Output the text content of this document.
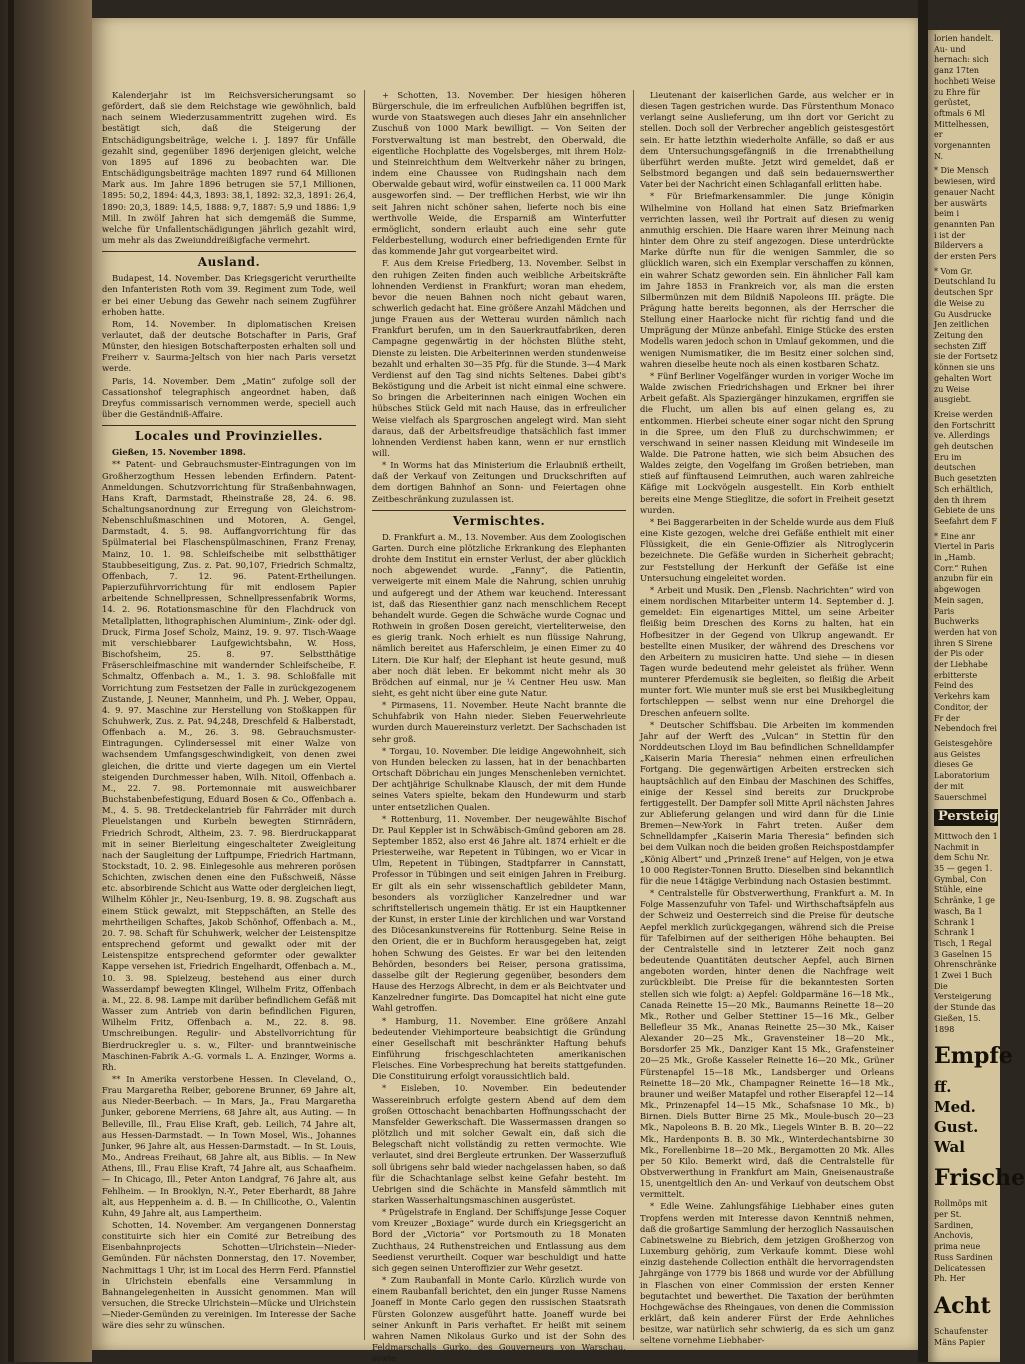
Kalenderjahr ist im Reichsversicherungsamt so gefördert, daß sie dem Reichstage wie gewöhnlich, bald nach seinem Wiederzusammentritt zugehen wird. Es bestätigt sich, daß die Steigerung der Entschädigungsbeiträge, welche i. J. 1897 für Unfälle gezahlt sind, gegenüber 1896 derjenigen gleicht, welche von 1895 auf 1896 zu beobachten war. Die Entschädigungsbeiträge machten 1897 rund 64 Millionen Mark aus. Im Jahre 1896 betrugen sie 57,1 Millionen, 1895: 50,2, 1894: 44,3, 1893: 38,1, 1892: 32,3, 1891: 26,4, 1890: 20,3, 1889: 14,5, 1888: 9,7, 1887: 5,9 und 1886: 1,9 Mill. In zwölf Jahren hat sich demgemäß die Summe, welche für Unfallentschädigungen jährlich gezahlt wird, um mehr als das Zweiunddreißigfache vermehrt.

Ausland.

Budapest, 14. November. Das Kriegsgericht verurtheilte den Infanteristen Roth vom 39. Regiment zum Tode, weil er bei einer Uebung das Gewehr nach seinem Zugführer erhoben hatte.

Rom, 14. November. In diplomatischen Kreisen verlautet, daß der deutsche Botschafter in Paris, Graf Münster, den hiesigen Botschafterposten erhalten soll und Freiherr v. Saurma-Jeltsch von hier nach Paris versetzt werde.

Paris, 14. November. Dem „Matin“ zufolge soll der Cassationshof telegraphisch angeordnet haben, daß Dreyfus commissarisch vernommen werde, speciell auch über die Geständniß-Affaire.

Locales und Provinzielles.

Gießen, 15. November 1898.

** Patent- und Gebrauchsmuster-Eintragungen von im Großherzogthum Hessen lebenden Erfindern. Patent-Anmeldungen. Schutzvorrichtung für Straßenbahnwagen, Hans Kraft, Darmstadt, Rheinstraße 28, 24. 6. 98. Schaltungsanordnung zur Erregung von Gleichstrom-Nebenschlußmaschinen und Motoren, A. Gengel, Darmstadt, 4. 5. 98. Auffangvorrichtung für das Spülmaterial bei Flaschenspülmaschinen, Franz Frenay, Mainz, 10. 1. 98. Schleifscheibe mit selbstthätiger Staubbeseitigung, Zus. z. Pat. 90,107, Friedrich Schmaltz, Offenbach, 7. 12. 96. Patent-Ertheilungen. Papierzuführvorrichtung für mit endlosem Papier arbeitende Schnellpressen, Schnellpressenfabrik Worms, 14. 2. 96. Rotationsmaschine für den Flachdruck von Metallplatten, lithographischen Aluminium-, Zink- oder dgl. Druck, Firma Josef Scholz, Mainz, 19. 9. 97. Tisch-Waage mit verschiebbarer Laufgewichtsbahn, W. Hoss, Bischofsheim, 25. 8. 97. Selbstthätige Fräserschleifmaschine mit wandernder Schleifscheibe, F. Schmaltz, Offenbach a. M., 1. 3. 98. Schloßfalle mit Vorrichtung zum Festsetzen der Falle in zurückgezogenem Zustande, J. Neuner, Mannheim, und Ph. J. Weber, Oppau, 4. 9. 97. Maschine zur Herstellung von Stoßkappen für Schuhwerk, Zus. z. Pat. 94,248, Dreschfeld & Halberstadt, Offenbach a. M., 26. 3. 98. Gebrauchsmuster-Eintragungen. Cylindersessel mit einer Walze von wachsendem Umfangsgeschwindigkeit, von denen zwei gleichen, die dritte und vierte dagegen um ein Viertel steigenden Durchmesser haben, Wilh. Nitoil, Offenbach a. M., 22. 7. 98. Portemonnaie mit ausweichbarer Buchstabenbefestigung, Eduard Bosen & Co., Offenbach a. M., 4. 5. 98. Tretdeckelantrieb für Fahrräder mit durch Pleuelstangen und Kurbeln bewegten Stirnrädern, Friedrich Schrodt, Altheim, 23. 7. 98. Bierdruckapparat mit in seiner Bierleitung eingeschalteter Zweigleitung nach der Saugleitung der Luftpumpe, Friedrich Hartmann, Stockstadt, 10. 2. 98. Einlegesohle aus mehreren porösen Schichten, zwischen denen eine den Fußschweiß, Nässe etc. absorbirende Schicht aus Watte oder dergleichen liegt, Wilhelm Köhler jr., Neu-Isenburg, 19. 8. 98. Zugschaft aus einem Stück gewalzt, mit Steppschäften, an Stelle des mehrtheiligen Schaftes, Jakob Schönhof, Offenbach a. M., 20. 7. 98. Schaft für Schuhwerk, welcher der Leistenspitze entsprechend geformt und gewalkt oder mit der Leistenspitze entsprechend geformter oder gewalkter Kappe versehen ist, Friedrich Engelhardt, Offenbach a. M., 10. 3. 98. Spielzeug, bestehend aus einer durch Wasserdampf bewegten Klingel, Wilhelm Fritz, Offenbach a. M., 22. 8. 98. Lampe mit darüber befindlichem Gefäß mit Wasser zum Antrieb von darin befindlichen Figuren, Wilhelm Fritz, Offenbach a. M., 22. 8. 98. Umschreibungen. Regulir- und Abstellvorrichtung für Bierdruckregler u. s. w., Filter- und branntweinische Maschinen-Fabrik A.-G. vormals L. A. Enzinger, Worms a. Rh.

** In Amerika verstorbene Hessen. In Cleveland, O., Frau Margaretha Reiber, geborene Brunner, 69 Jahre alt, aus Nieder-Beerbach. — In Mars, Ja., Frau Margaretha Junker, geborene Merriens, 68 Jahre alt, aus Auting. — In Belleville, Ill., Frau Elise Kraft, geb. Leilich, 74 Jahre alt, aus Hessen-Darmstadt. — In Town Mosel, Wis., Johannes Junker, 96 Jahre alt, aus Hessen-Darmstadt. — In St. Louis, Mo., Andreas Freihaut, 68 Jahre alt, aus Biblis. — In New Athens, Ill., Frau Elise Kraft, 74 Jahre alt, aus Schaafheim. — In Chicago, Ill., Peter Anton Landgraf, 76 Jahre alt, aus Fehlheim. — In Brooklyn, N.-Y., Peter Eberhardt, 88 Jahre alt, aus Heppenheim a. d. B. — In Chillicothe, O., Valentin Kuhn, 49 Jahre alt, aus Lampertheim.

Schotten, 14. November. Am vergangenen Donnerstag constituirte sich hier ein Comité zur Betreibung des Eisenbahnprojects Schotten—Ulrichstein—Nieder-Gemünden. Für nächsten Donnerstag, den 17. November, Nachmittags 1 Uhr, ist im Local des Herrn Ferd. Pfannstiel in Ulrichstein ebenfalls eine Versammlung in Bahnangelegenheiten in Aussicht genommen. Man will versuchen, die Strecke Ulrichstein—Mücke und Ulrichstein—Nieder-Gemünden zu vereinigen. Im Interesse der Sache wäre dies sehr zu wünschen.

+ Schotten, 13. November. Der hiesigen höheren Bürgerschule, die im erfreulichen Aufblühen begriffen ist, wurde von Staatswegen auch dieses Jahr ein ansehnlicher Zuschuß von 1000 Mark bewilligt. — Von Seiten der Forstverwaltung ist man bestrebt, den Oberwald, die eigentliche Hochplatte des Vogelsberges, mit ihrem Holz- und Steinreichthum dem Weltverkehr näher zu bringen, indem eine Chaussee von Rudingshain nach dem Oberwalde gebaut wird, wofür einstweilen ca. 11 000 Mark ausgeworfen sind. — Der trefflichen Herbst, wie wir ihn seit Jahren nicht schöner sahen, lieferte noch bis eine werthvolle Weide, die Ersparniß am Winterfutter ermöglicht, sondern erlaubt auch eine sehr gute Felderbestellung, wodurch einer befriedigenden Ernte für das kommende Jahr gut vorgearbeitet wird.

F. Aus dem Kreise Friedberg, 13. November. Selbst in den ruhigen Zeiten finden auch weibliche Arbeitskräfte lohnenden Verdienst in Frankfurt; woran man ehedem, bevor die neuen Bahnen noch nicht gebaut waren, schwerlich gedacht hat. Eine größere Anzahl Mädchen und junge Frauen aus der Wetterau wurden nämlich nach Frankfurt berufen, um in den Sauerkrautfabriken, deren Campagne gegenwärtig in der höchsten Blüthe steht, Dienste zu leisten. Die Arbeiterinnen werden stundenweise bezahlt und erhalten 30—35 Pfg. für die Stunde. 3—4 Mark Verdienst auf den Tag sind nichts Seltenes. Dabei gibt's Beköstigung und die Arbeit ist nicht einmal eine schwere. So bringen die Arbeiterinnen nach einigen Wochen ein hübsches Stück Geld mit nach Hause, das in erfreulicher Weise vielfach als Spargroschen angelegt wird. Man sieht daraus, daß der Arbeitsfreudige thatsächlich fast immer lohnenden Verdienst haben kann, wenn er nur ernstlich will.

* In Worms hat das Ministerium die Erlaubniß ertheilt, daß der Verkauf von Zeitungen und Druckschriften auf dem dortigen Bahnhof an Sonn- und Feiertagen ohne Zeitbeschränkung zuzulassen ist.

Vermischtes.

D. Frankfurt a. M., 13. November. Aus dem Zoologischen Garten. Durch eine plötzliche Erkrankung des Elephanten drohte dem Institut ein ernster Verlust, der aber glücklich noch abgewendet wurde. „Fanny“, die Patientin, verweigerte mit einem Male die Nahrung, schien unruhig und aufgeregt und der Athem war keuchend. Interessant ist, daß das Riesenthier ganz nach menschlichem Recept behandelt wurde. Gegen die Schwäche wurde Cognac und Rothwein in großen Dosen gereicht, vierteliterweise, den es gierig trank. Noch erhielt es nun flüssige Nahrung, nämlich bereitet aus Haferschleim, je einen Eimer zu 40 Litern. Die Kur half; der Elephant ist heute gesund, muß aber noch diät leben. Er bekommt nicht mehr als 30 Brödchen auf einmal, nur je ¼ Centner Heu usw. Man sieht, es geht nicht über eine gute Natur.

* Pirmasens, 11. November. Heute Nacht brannte die Schuhfabrik von Hahn nieder. Sieben Feuerwehrleute wurden durch Mauereinsturz verletzt. Der Sachschaden ist sehr groß.

* Torgau, 10. November. Die leidige Angewohnheit, sich von Hunden belecken zu lassen, hat in der benachbarten Ortschaft Döbrichau ein junges Menschenleben vernichtet. Der achtjährige Schulknabe Klausch, der mit dem Hunde seines Vaters spielte, bekam den Hundewurm und starb unter entsetzlichen Qualen.

* Rottenburg, 11. November. Der neugewählte Bischof Dr. Paul Keppler ist in Schwäbisch-Gmünd geboren am 28. September 1852, also erst 46 Jahre alt. 1874 erhielt er die Priesterweihe, war Repetent in Tübingen, wo er Vicar in Ulm, Repetent in Tübingen, Stadtpfarrer in Cannstatt, Professor in Tübingen und seit einigen Jahren in Freiburg. Er gilt als ein sehr wissenschaftlich gebildeter Mann, besonders als vorzüglicher Kanzelredner und war schriftstellerisch ungemein thätig. Er ist ein Hauptkenner der Kunst, in erster Linie der kirchlichen und war Vorstand des Diöcesankunstvereins für Rottenburg. Seine Reise in den Orient, die er in Buchform herausgegeben hat, zeigt hohen Schwung des Geistes. Er war bei den leitenden Behörden, besonders bei Reiser, persona gratissima, dasselbe gilt der Regierung gegenüber, besonders dem Hause des Herzogs Albrecht, in dem er als Beichtvater und Kanzelredner fungirte. Das Domcapitel hat nicht eine gute Wahl getroffen.

* Hamburg, 11. November. Eine größere Anzahl bedeutender Viehimporteure beabsichtigt die Gründung einer Gesellschaft mit beschränkter Haftung behufs Einführung frischgeschlachteten amerikanischen Fleisches. Eine Vorbesprechung hat bereits stattgefunden. Die Constituirung erfolgt voraussichtlich bald.

* Eisleben, 10. November. Ein bedeutender Wassereinbruch erfolgte gestern Abend auf dem dem großen Ottoschacht benachbarten Hoffnungsschacht der Mansfelder Gewerkschaft. Die Wassermassen drangen so plötzlich und mit solcher Gewalt ein, daß sich die Belegschaft nicht vollständig zu retten vermochte. Wie verlautet, sind drei Bergleute ertrunken. Der Wasserzufluß soll übrigens sehr bald wieder nachgelassen haben, so daß für die Schachtanlage selbst keine Gefahr besteht. Im Uebrigen sind die Schächte in Mansfeld sämmtlich mit starken Wasserhaltungsmaschinen ausgerüstet.

* Prügelstrafe in England. Der Schiffsjunge Jesse Coquer vom Kreuzer „Boxiage“ wurde durch ein Kriegsgericht an Bord der „Victoria“ vor Portsmouth zu 18 Monaten Zuchthaus, 24 Ruthenstreichen und Entlassung aus dem Seedienst verurtheilt. Coquer war beschuldigt und hatte sich gegen seinen Unteroffizier zur Wehr gesetzt.

* Zum Raubanfall in Monte Carlo. Kürzlich wurde von einem Raubanfall berichtet, den ein junger Russe Namens Joaneff in Monte Carlo gegen den russischen Staatsrath Fürsten Golonzew ausgeführt hatte. Joaneff wurde bei seiner Ankunft in Paris verhaftet. Er heißt mit seinem wahren Namen Nikolaus Gurko und ist der Sohn des Feldmarschalls Gurko, des Gouverneurs von Warschau, sowie

Lieutenant der kaiserlichen Garde, aus welcher er in diesen Tagen gestrichen wurde. Das Fürstenthum Monaco verlangt seine Auslieferung, um ihn dort vor Gericht zu stellen. Doch soll der Verbrecher angeblich geistesgestört sein. Er hatte letzthin wiederholte Anfälle, so daß er aus dem Untersuchungsgefängniß in die Irrenabtheilung überführt werden mußte. Jetzt wird gemeldet, daß er Selbstmord begangen und daß sein bedauernswerther Vater bei der Nachricht einen Schlaganfall erlitten habe.

* Für Briefmarkensammler. Die junge Königin Wilhelmine von Holland hat einen Satz Briefmarken verrichten lassen, weil ihr Portrait auf diesen zu wenig anmuthig erschien. Die Haare waren ihrer Meinung nach hinter dem Ohre zu steif angezogen. Diese unterdrückte Marke dürfte nun für die wenigen Sammler, die so glücklich waren, sich ein Exemplar verschaffen zu können, ein wahrer Schatz geworden sein. Ein ähnlicher Fall kam im Jahre 1853 in Frankreich vor, als man die ersten Silbermünzen mit dem Bildniß Napoleons III. prägte. Die Prägung hatte bereits begonnen, als der Herrscher die Stellung einer Haarlocke nicht für richtig fand und die Umprägung der Münze anbefahl. Einige Stücke des ersten Modells waren jedoch schon in Umlauf gekommen, und die wenigen Numismatiker, die im Besitz einer solchen sind, wahren dieselbe heute noch als einen kostbaren Schatz.

* Fünf Berliner Vogelfänger wurden in voriger Woche im Walde zwischen Friedrichshagen und Erkner bei ihrer Arbeit gefaßt. Als Spaziergänger hinzukamen, ergriffen sie die Flucht, um allen bis auf einen gelang es, zu entkommen. Hierbei scheute einer sogar nicht den Sprung in die Spree, um den Fluß zu durchschwimmen; er verschwand in seiner nassen Kleidung mit Windeseile im Walde. Die Patrone hatten, wie sich beim Absuchen des Waldes zeigte, den Vogelfang im Großen betrieben, man stieß auf fünftausend Leimruthen, auch waren zahlreiche Käfige mit Lockvögeln ausgestellt. Ein Korb enthielt bereits eine Menge Stieglitze, die sofort in Freiheit gesetzt wurden.

* Bei Baggerarbeiten in der Schelde wurde aus dem Fluß eine Kiste gezogen, welche drei Gefäße enthielt mit einer Flüssigkeit, die ein Genie-Offizier als Nitroglycerin bezeichnete. Die Gefäße wurden in Sicherheit gebracht; zur Feststellung der Herkunft der Gefäße ist eine Untersuchung eingeleitet worden.

* Arbeit und Musik. Den „Flensb. Nachrichten“ wird von einem nordischen Mitarbeiter unterm 14. September d. J. gemeldet: Ein eigenartiges Mittel, um seine Arbeiter fleißig beim Dreschen des Korns zu halten, hat ein Hofbesitzer in der Gegend von Ulkrup angewandt. Er bestellte einen Musiker, der während des Dreschens vor den Arbeitern zu musiciren hatte. Und siehe — in diesen Tagen wurde bedeutend mehr geleistet als früher. Wenn munterer Pferdemusik sie begleiten, so fleißig die Arbeit munter fort. Wie munter muß sie erst bei Musikbegleitung fortschleppen — selbst wenn nur eine Drehorgel die Dreschen anfeuern sollte.

* Deutscher Schiffsbau. Die Arbeiten im kommenden Jahr auf der Werft des „Vulcan“ in Stettin für den Norddeutschen Lloyd im Bau befindlichen Schnelldampfer „Kaiserin Maria Theresia“ nehmen einen erfreulichen Fortgang. Die gegenwärtigen Arbeiten erstrecken sich hauptsächlich auf den Einbau der Maschinen des Schiffes, einige der Kessel sind bereits zur Druckprobe fertiggestellt. Der Dampfer soll Mitte April nächsten Jahres zur Ablieferung gelangen und wird dann für die Linie Bremen—New-York in Fahrt treten. Außer dem Schnelldampfer „Kaiserin Maria Theresia“ befinden sich bei dem Vulkan noch die beiden großen Reichspostdampfer „König Albert“ und „Prinzeß Irene“ auf Helgen, von je etwa 10 000 Register-Tonnen Brutto. Dieselben sind bekanntlich für die neue 14tägige Verbindung nach Ostasien bestimmt.

* Centralstelle für Obstverwerthung, Frankfurt a. M. In Folge Massenzufuhr von Tafel- und Wirthschaftsäpfeln aus der Schweiz und Oesterreich sind die Preise für deutsche Aepfel merklich zurückgegangen, während sich die Preise für Tafelbirnen auf der seitherigen Höhe behaupten. Bei der Centralstelle sind in letzterer Zeit noch ganz bedeutende Quantitäten deutscher Aepfel, auch Birnen angeboten worden, hinter denen die Nachfrage weit zurückbleibt. Die Preise für die bekanntesten Sorten stellen sich wie folgt: a) Aepfel: Goldparmäne 16—18 Mk., Canada Reinette 15—20 Mk., Baumanns Reinette 18—20 Mk., Rother und Gelber Stettiner 15—16 Mk., Gelber Bellefleur 35 Mk., Ananas Reinette 25—30 Mk., Kaiser Alexander 20—25 Mk., Gravensteiner 18—20 Mk., Borsdorfer 25 Mk., Danziger Kant 15 Mk., Grafensteiner 20—25 Mk., Große Kasseler Reinette 16—20 Mk., Grüner Fürstenapfel 15—18 Mk., Landsberger und Orleans Reinette 18—20 Mk., Champagner Reinette 16—18 Mk., brauner und weißer Matapfel und rother Eiserapfel 12—14 Mk., Prinzenapfel 14—15 Mk., Schafsnase 10 Mk., b) Birnen. Diels Butter Birne 25 Mk., Moule-busch 20—23 Mk., Napoleons B. B. 20 Mk., Liegels Winter B. B. 20—22 Mk., Hardenponts B. B. 30 Mk., Winterdechantsbirne 30 Mk., Forellenbirne 18—20 Mk., Bergamotten 20 Mk. Alles per 50 Kilo. Bemerkt wird, daß die Centralstelle für Obstverwerthung in Frankfurt am Main, Gneisenaustraße 15, unentgeltlich den An- und Verkauf von deutschem Obst vermittelt.

* Edle Weine. Zahlungsfähige Liebhaber eines guten Tropfens werden mit Interesse davon Kenntniß nehmen, daß die großartige Sammlung der herzoglich Nassauischen Cabinetsweine zu Biebrich, dem jetzigen Großherzog von Luxemburg gehörig, zum Verkaufe kommt. Diese wohl einzig dastehende Collection enthält die hervorragendsten Jahrgänge von 1779 bis 1868 und wurde vor der Abfüllung in Flaschen von einer Commission der ersten Kenner begutachtet und bewerthet. Die Taxation der berühmten Hochgewächse des Rheingaues, von denen die Commission erklärt, daß kein anderer Fürst der Erde Aehnliches besitze, war natürlich sehr schwierig, da es sich um ganz seltene vornehme Liebhaber-

lorien handelt. Au- und hernach: sich ganz 17ten hochbeti Weise zu Ehre für gerüstet, oftmals 6 Ml Mittelhessen, er vorgenannten N.

* Die Mensch bewiesen, wird genauer Nacht ber auswärts beim i genannten Pan i ist der Bildervers a der ersten Pers

* Vom Gr. Deutschland Iu deutschen Spr die Weise zu Gu Ausdrucke Jen zeitlichen Zeitung den sechsten Ziff sie der Fortsetz können sie uns gehalten Wort zu Weise ausgiebt.

Kreise werden den Fortschritt ve. Allerdings geh deutschen Eru im deutschen Buch gesetzten Sch erhältlich, den th ihrem Gebiete de uns Seefahrt dem F

* Eine anr Viertel in Paris in „Hamb. Corr.“ Ruhen anzubn für ein abgewogen Mein sagen, Paris Buchwerks werden hat von ihren S Sirene der Pis oder der Liebhabe erbitterste Feind des Verkehrs kam Conditor, der Fr der Nebendoch frei

Geistesgehöre aus Geistes dieses Ge Laboratorium der mit Sauerschmel

Persteig

Mittwoch den 1 Nachmit in dem Schu Nr. 35 — gegen 1. Gymbal, Con Stühle, eine Schränke, 1 ge wasch, Ba 1 Schrank 1 Schrank 1 Tisch, 1 Regal 3 Gaselnen 15 Ohrenschränke 1 Zwei 1 Buch Die Versteigerung der Stunde das Gießen, 15. 1898

Empfe
ff. Med. Gust. Wal
Frische

Rollmöps mit per St. Sardinen, Anchovis, prima neue Russ Sardinen Delicatessen Ph. Her

Acht

Schaufenster Mäns Papier
